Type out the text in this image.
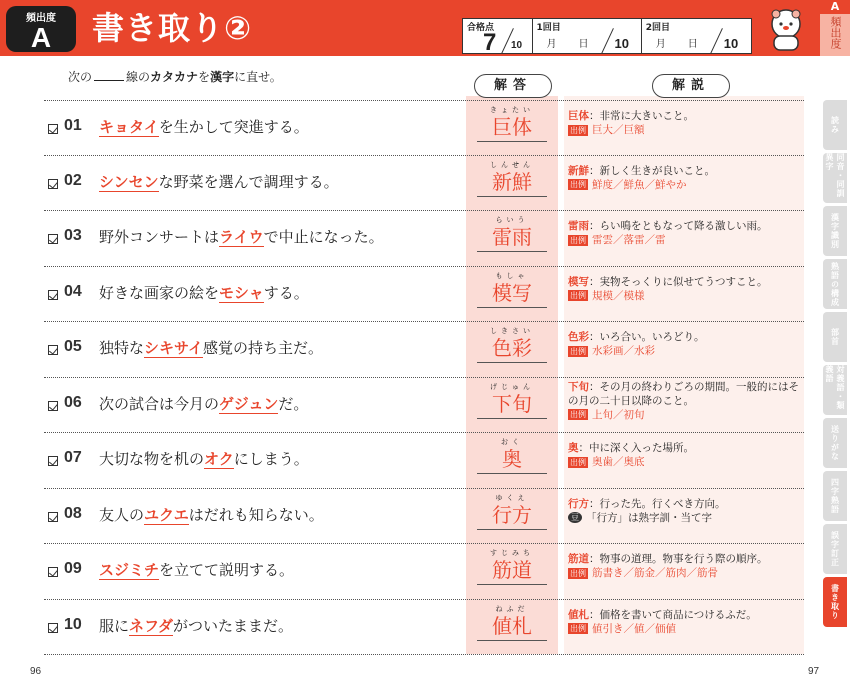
頻出度
A	書き取り②	合格点
7 10
1回目
月 日 10
2回目
月 日 10
A
頻出度
次の	線のカタカナを漢字に直せ。
解答	解説
01 キョタイを生かして突進する。
きょたい
巨体	巨体：非常に大きいこと。
出例 巨大／巨額
02 シンセンな野菜を選んで調理する。
しんせん
新鮮	新鮮：新しく生きが良いこと。
出例 鮮度／鮮魚／鮮やか
03 野外コンサートはライウで中止になった。
らいう
雷雨	雷雨：らい鳴をともなって降る激しい雨。
出例 雷雲／落雷／雷
04 好きな画家の絵をモシャする。
もしゃ
模写	模写：実物そっくりに似せてうつすこと。
出例 規模／模様
05 独特なシキサイ感覚の持ち主だ。
しきさい
色彩	色彩：いろ合い。いろどり。
出例 水彩画／水彩
06 次の試合は今月のゲジュンだ。
げじゅん
下旬
下旬：その月の終わりごろの期間。一般的にはその月の二十日以降のこと。
出例 上旬／初旬
07 大切な物を机のオクにしまう。
おく
奥	奥：中に深く入った場所。
出例 奥歯／奥底
08 友人のユクエはだれも知らない。
ゆくえ
行方	行方：行った先。行くべき方向。
豆 「行方」は熟字訓・当て字
09 スジミチを立てて説明する。
すじみち
筋道	筋道：物事の道理。物事を行う際の順序。
出例 筋書き／筋金／筋肉／筋骨
10 服にネフダがついたままだ。
ねふだ
値札	値札：価格を書いて商品につけるふだ。
出例 値引き／値／価値
読み
同音・同訓異字
漢字識別
熟語の構成
部首
対義語・類義語
送りがな
四字熟語
誤字訂正
書き取り
96	97
